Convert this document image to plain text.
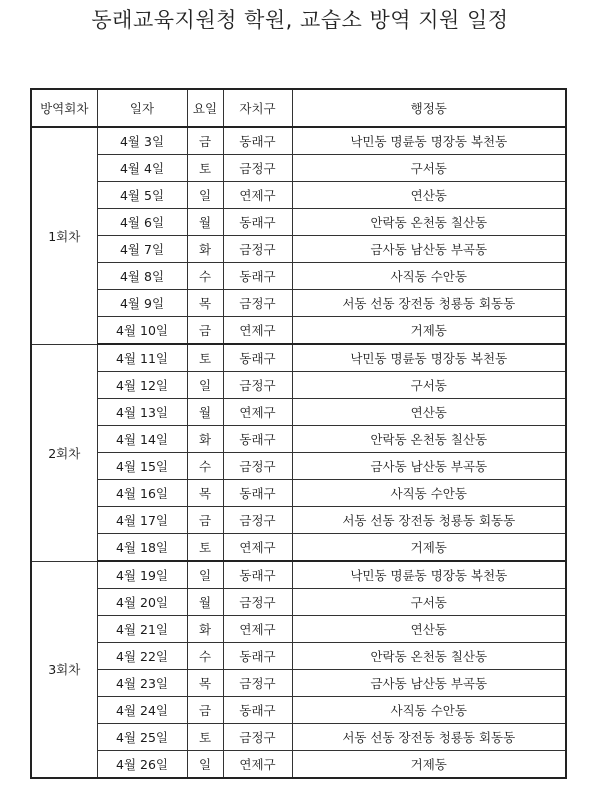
동래교육지원청 학원, 교습소 방역 지원 일정
방역회차	일자	요일	자치구	행정동
1회차	4월 3일	금	동래구	낙민동 명륜동 명장동 복천동
	4월 4일	토	금정구	구서동
	4월 5일	일	연제구	연산동
	4월 6일	월	동래구	안락동 온천동 칠산동
	4월 7일	화	금정구	금사동 남산동 부곡동
	4월 8일	수	동래구	사직동 수안동
	4월 9일	목	금정구	서동 선동 장전동 청룡동 회동동
	4월 10일	금	연제구	거제동
2회차	4월 11일	토	동래구	낙민동 명륜동 명장동 복천동
	4월 12일	일	금정구	구서동
	4월 13일	월	연제구	연산동
	4월 14일	화	동래구	안락동 온천동 칠산동
	4월 15일	수	금정구	금사동 남산동 부곡동
	4월 16일	목	동래구	사직동 수안동
	4월 17일	금	금정구	서동 선동 장전동 청룡동 회동동
	4월 18일	토	연제구	거제동
3회차	4월 19일	일	동래구	낙민동 명륜동 명장동 복천동
	4월 20일	월	금정구	구서동
	4월 21일	화	연제구	연산동
	4월 22일	수	동래구	안락동 온천동 칠산동
	4월 23일	목	금정구	금사동 남산동 부곡동
	4월 24일	금	동래구	사직동 수안동
	4월 25일	토	금정구	서동 선동 장전동 청룡동 회동동
	4월 26일	일	연제구	거제동
